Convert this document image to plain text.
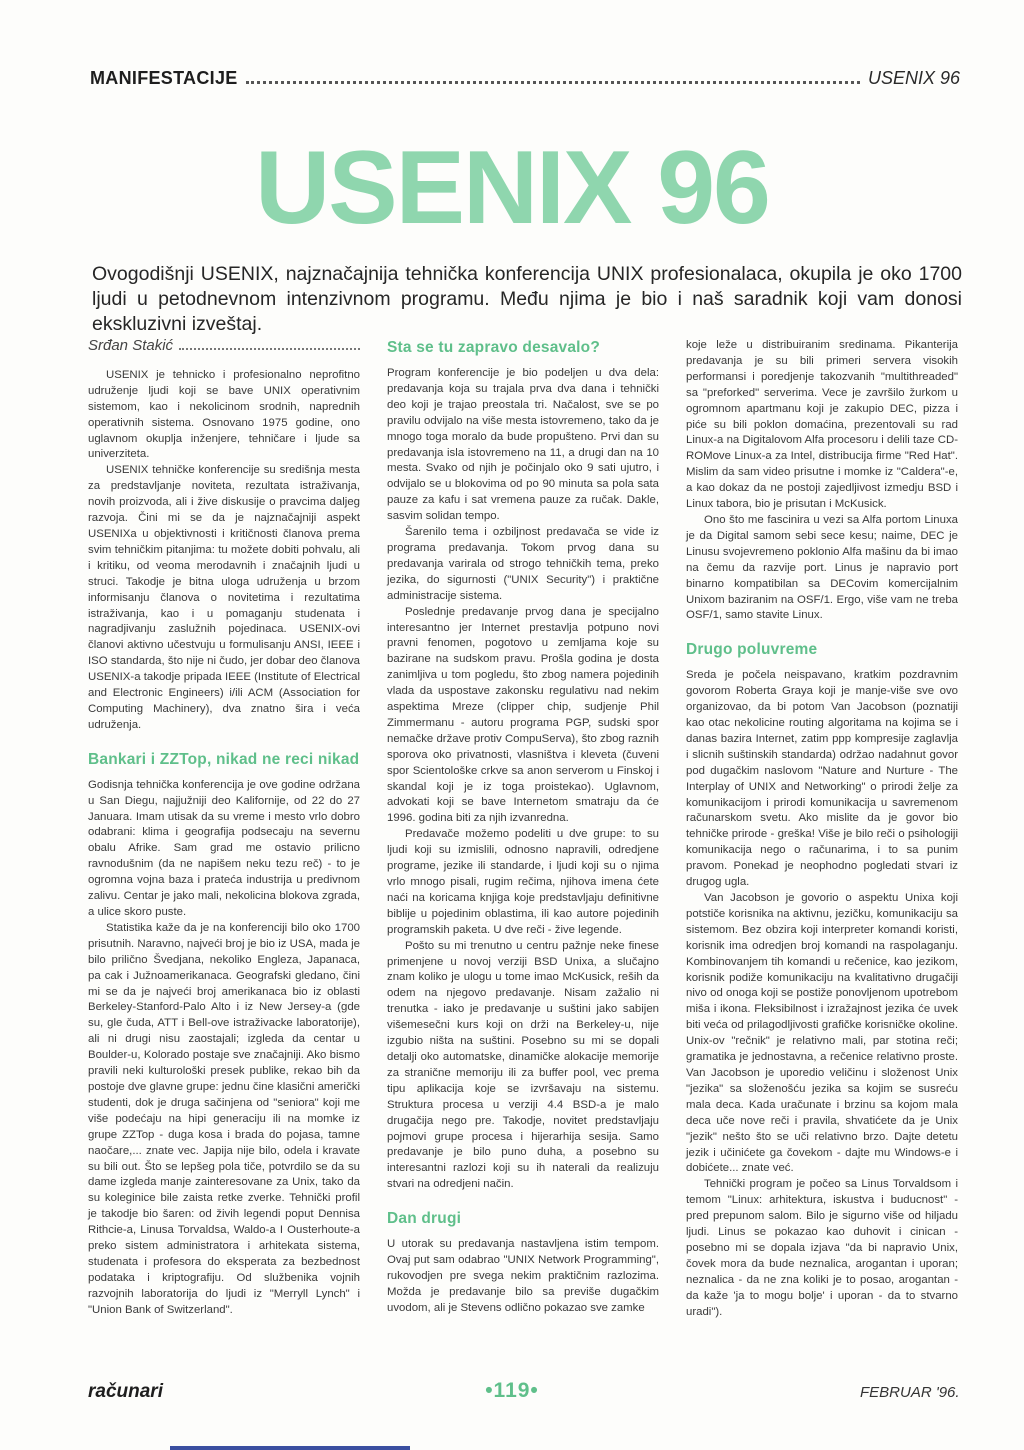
MANIFESTACIJE	USENIX 96
USENIX 96
Ovogodišnji USENIX, najznačajnija tehnička konferencija UNIX profesionalaca, okupila je oko 1700 ljudi u petodnevnom intenzivnom programu. Među njima je bio i naš saradnik koji vam donosi ekskluzivni izveštaj.
Srđan Stakić

USENIX je tehnicko i profesionalno neprofitno udruženje ljudi koji se bave UNIX operativnim sistemom, kao i nekolicinom srodnih, naprednih operativnih sistema. Osnovano 1975 godine, ono uglavnom okuplja inženjere, tehničare i ljude sa univerziteta.

USENIX tehničke konferencije su središnja mesta za predstavljanje noviteta, rezultata istraživanja, novih proizvoda, ali i žive diskusije o pravcima daljeg razvoja. Čini mi se da je najznačajniji aspekt USENIXa u objektivnosti i kritičnosti članova prema svim tehničkim pitanjima: tu možete dobiti pohvalu, ali i kritiku, od veoma merodavnih i značajnih ljudi u struci. Takodje je bitna uloga udruženja u brzom informisanju članova o novitetima i rezultatima istraživanja, kao i u pomaganju studenata i nagradjivanju zaslužnih pojedinaca. USENIX-ovi članovi aktivno učestvuju u formulisanju ANSI, IEEE i ISO standarda, što nije ni čudo, jer dobar deo članova USENIX-a takodje pripada IEEE (Institute of Electrical and Electronic Engineers) i/ili ACM (Association for Computing Machinery), dva znatno šira i veća udruženja.

Bankari i ZZTop, nikad ne reci nikad

Godisnja tehnička konferencija je ove godine održana u San Diegu, najjužniji deo Kalifornije, od 22 do 27 Januara. Imam utisak da su vreme i mesto vrlo dobro odabrani: klima i geografija podsecaju na severnu obalu Afrike. Sam grad me ostavio prilicno ravnodušnim (da ne napišem neku tezu reč) - to je ogromna vojna baza i prateća industrija u predivnom zalivu. Centar je jako mali, nekolicina blokova zgrada, a ulice skoro puste.

Statistika kaže da je na konferenciji bilo oko 1700 prisutnih. Naravno, najveći broj je bio iz USA, mada je bilo prilično Švedjana, nekoliko Engleza, Japanaca, pa cak i Južnoamerikanaca. Geografski gledano, čini mi se da je najveći broj amerikanaca bio iz oblasti Berkeley-Stanford-Palo Alto i iz New Jersey-a (gde su, gle čuda, ATT i Bell-ove istraživacke laboratorije), ali ni drugi nisu zaostajali; izgleda da centar u Boulder-u, Kolorado postaje sve značajniji. Ako bismo pravili neki kulturološki presek publike, rekao bih da postoje dve glavne grupe: jednu čine klasični američki studenti, dok je druga sačinjena od "seniora" koji me više podećaju na hipi generaciju ili na momke iz grupe ZZTop - duga kosa i brada do pojasa, tamne naočare,... znate vec. Japija nije bilo, odela i kravate su bili out. Što se lepšeg pola tiče, potvrdilo se da su dame izgleda manje zainteresovane za Unix, tako da su koleginice bile zaista retke zverke. Tehnički profil je takodje bio šaren: od živih legendi poput Dennisa Rithcie-a, Linusa Torvaldsa, Waldo-a I Ousterhoute-a preko sistem administratora i arhitekata sistema, studenata i profesora do eksperata za bezbednost podataka i kriptografiju. Od službenika vojnih razvojnih laboratorija do ljudi iz "Merryll Lynch" i "Union Bank of Switzerland".

Sta se tu zapravo desavalo?

Program konferencije je bio podeljen u dva dela: predavanja koja su trajala prva dva dana i tehnički deo koji je trajao preostala tri. Načalost, sve se po pravilu odvijalo na više mesta istovremeno, tako da je mnogo toga moralo da bude propušteno. Prvi dan su predavanja isla istovremeno na 11, a drugi dan na 10 mesta. Svako od njih je počinjalo oko 9 sati ujutro, i odvijalo se u blokovima od po 90 minuta sa pola sata pauze za kafu i sat vremena pauze za ručak. Dakle, sasvim solidan tempo.

Šarenilo tema i ozbiljnost predavača se vide iz programa predavanja. Tokom prvog dana su predavanja varirala od strogo tehničkih tema, preko jezika, do sigurnosti ("UNIX Security") i praktične administracije sistema.

Poslednje predavanje prvog dana je specijalno interesantno jer Internet prestavlja potpuno novi pravni fenomen, pogotovo u zemljama koje su bazirane na sudskom pravu. Prošla godina je dosta zanimljiva u tom pogledu, što zbog namera pojedinih vlada da uspostave zakonsku regulativu nad nekim aspektima Mreze (clipper chip, sudjenje Phil Zimmermanu - autoru programa PGP, sudski spor nemačke države protiv CompuServa), što zbog raznih sporova oko privatnosti, vlasništva i kleveta (čuveni spor Scientološke crkve sa anon serverom u Finskoj i skandal koji je iz toga proistekao). Uglavnom, advokati koji se bave Internetom smatraju da će 1996. godina biti za njih izvanredna.

Predavače možemo podeliti u dve grupe: to su ljudi koji su izmislili, odnosno napravili, odredjene programe, jezike ili standarde, i ljudi koji su o njima vrlo mnogo pisali, rugim rečima, njihova imena ćete naći na koricama knjiga koje predstavljaju definitivne biblije u pojedinim oblastima, ili kao autore pojedinih programskih paketa. U dve reči - žive legende.

Pošto su mi trenutno u centru pažnje neke finese primenjene u novoj verziji BSD Unixa, a slučajno znam koliko je ulogu u tome imao McKusick, reših da odem na njegovo predavanje. Nisam zažalio ni trenutka - iako je predavanje u suštini jako sabijen višemesečni kurs koji on drži na Berkeley-u, nije izgubio ništa na suštini. Posebno su mi se dopali detalji oko automatske, dinamičke alokacije memorije za stranične memoriju ili za buffer pool, vec prema tipu aplikacija koje se izvršavaju na sistemu. Struktura procesa u verziji 4.4 BSD-a je malo drugačija nego pre. Takodje, novitet predstavljaju pojmovi grupe procesa i hijerarhija sesija. Samo predavanje je bilo puno duha, a posebno su interesantni razlozi koji su ih naterali da realizuju stvari na odredjeni način.

Dan drugi

U utorak su predavanja nastavljena istim tempom. Ovaj put sam odabrao "UNIX Network Programming", rukovodjen pre svega nekim praktičnim razlozima. Možda je predavanje bilo sa previše dugačkim uvodom, ali je Stevens odlično pokazao sve zamke

koje leže u distribuiranim sredinama. Pikanterija predavanja je su bili primeri servera visokih performansi i poredjenje takozvanih "multithreaded" sa "preforked" serverima. Vece je završilo žurkom u ogromnom apartmanu koji je zakupio DEC, pizza i piće su bili poklon domaćina, prezentovali su rad Linux-a na Digitalovom Alfa procesoru i delili taze CD-ROMove Linux-a za Intel, distribucija firme "Red Hat". Mislim da sam video prisutne i momke iz "Caldera"-e, a kao dokaz da ne postoji zajedljivost izmedju BSD i Linux tabora, bio je prisutan i McKusick.

Ono što me fascinira u vezi sa Alfa portom Linuxa je da Digital samom sebi sece kesu; naime, DEC je Linusu svojevremeno poklonio Alfa mašinu da bi imao na čemu da razvije port. Linus je napravio port binarno kompatibilan sa DECovim komercijalnim Unixom baziranim na OSF/1. Ergo, više vam ne treba OSF/1, samo stavite Linux.

Drugo poluvreme

Sreda je počela neispavano, kratkim pozdravnim govorom Roberta Graya koji je manje-više sve ovo organizovao, da bi potom Van Jacobson (poznatiji kao otac nekolicine routing algoritama na kojima se i danas bazira Internet, zatim ppp kompresije zaglavlja i slicnih suštinskih standarda) održao nadahnut govor pod dugačkim naslovom "Nature and Nurture - The Interplay of UNIX and Networking" o prirodi želje za komunikacijom i prirodi komunikacija u savremenom računarskom svetu. Ako mislite da je govor bio tehničke prirode - greška! Više je bilo reči o psihologiji komunikacija nego o računarima, i to sa punim pravom. Ponekad je neophodno pogledati stvari iz drugog ugla.

Van Jacobson je govorio o aspektu Unixa koji potstiče korisnika na aktivnu, jezičku, komunikaciju sa sistemom. Bez obzira koji interpreter komandi koristi, korisnik ima odredjen broj komandi na raspolaganju. Kombinovanjem tih komandi u rečenice, kao jezikom, korisnik podiže komunikaciju na kvalitativno drugačiji nivo od onoga koji se postiže ponovljenom upotrebom miša i ikona. Fleksibilnost i izražajnost jezika će uvek biti veća od prilagodljivosti grafičke korisničke okoline. Unix-ov "rečnik" je relativno mali, par stotina reči; gramatika je jednostavna, a rečenice relativno proste. Van Jacobson je uporedio veličinu i složenost Unix "jezika" sa složenošću jezika sa kojim se susreću mala deca. Kada uračunate i brzinu sa kojom mala deca uče nove reči i pravila, shvatićete da je Unix "jezik" nešto što se uči relativno brzo. Dajte detetu jezik i učinićete ga čovekom - dajte mu Windows-e i dobićete... znate već.

Tehnički program je počeo sa Linus Torvaldsom i temom "Linux: arhitektura, iskustva i buducnost" - pred prepunom salom. Bilo je sigurno više od hiljadu ljudi. Linus se pokazao kao duhovit i cinican - posebno mi se dopala izjava "da bi napravio Unix, čovek mora da bude neznalica, arogantan i uporan; neznalica - da ne zna koliki je to posao, arogantan - da kaže 'ja to mogu bolje' i uporan - da to stvarno uradi").

računari	•119•	FEBRUAR '96.
